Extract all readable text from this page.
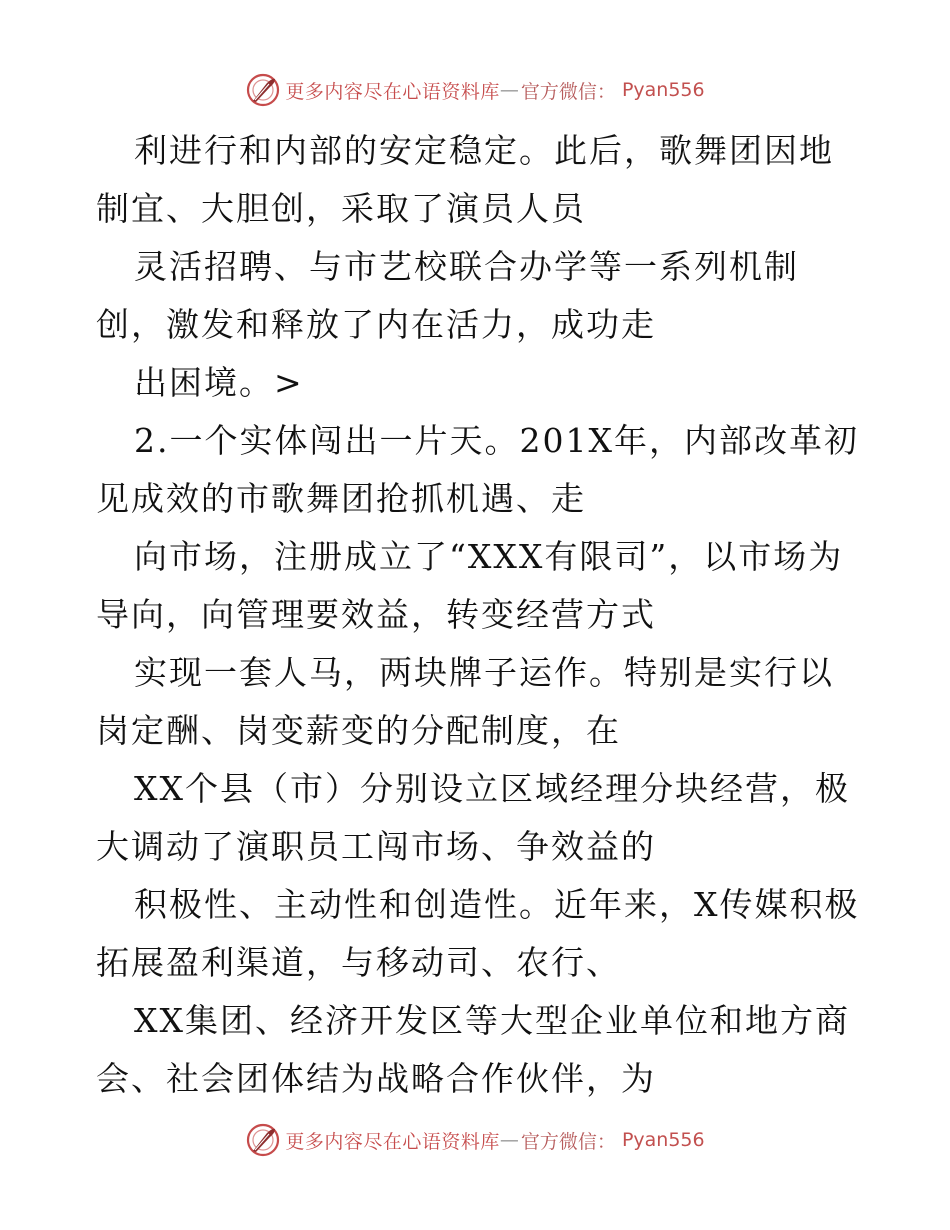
更多内容尽在心语资料库 — 官方微信： Pyan556

利进行和内部的安定稳定。此后，歌舞团因地制宜、大胆创，采取了演员人员

灵活招聘、与市艺校联合办学等一系列机制创，激发和释放了内在活力，成功走

出困境。>

2.一个实体闯出一片天。201X年，内部改革初见成效的市歌舞团抢抓机遇、走

向市场，注册成立了“XXX有限司”，以市场为导向，向管理要效益，转变经营方式

实现一套人马，两块牌子运作。特别是实行以岗定酬、岗变薪变的分配制度，在

XX个县（市）分别设立区域经理分块经营，极大调动了演职员工闯市场、争效益的

积极性、主动性和创造性。近年来，X传媒积极拓展盈利渠道，与移动司、农行、

XX集团、经济开发区等大型企业单位和地方商会、社会团体结为战略合作伙伴，为

更多内容尽在心语资料库 — 官方微信： Pyan556
